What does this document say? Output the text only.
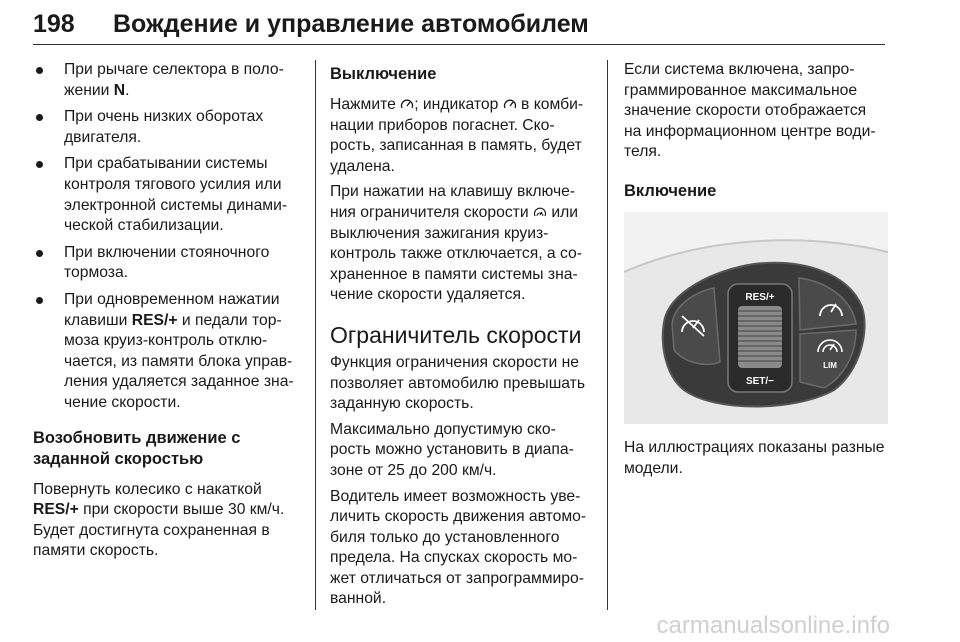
198 Вождение и управление автомобилем
При рычаге селектора в поло-
жении N.
При очень низких оборотах
двигателя.
При срабатывании системы
контроля тягового усилия или
электронной системы динами-
ческой стабилизации.
При включении стояночного
тормоза.
При одновременном нажатии
клавиши RES/+ и педали тор-
моза круиз-контроль отклю-
чается, из памяти блока управ-
ления удаляется заданное зна-
чение скорости.
Возобновить движение с
заданной скоростью

Повернуть колесико с накаткой
RES/+ при скорости выше 30 км/ч.
Будет достигнута сохраненная в
памяти скорость.

Выключение

Нажмите ; индикатор  в комби-
нации приборов погаснет. Ско-
рость, записанная в память, будет
удалена.

При нажатии на клавишу включе-
ния ограничителя скорости  или
выключения зажигания круиз-
контроль также отключается, а со-
храненное в памяти системы зна-
чение скорости удаляется.

Ограничитель скорости

Функция ограничения скорости не
позволяет автомобилю превышать
заданную скорость.

Максимально допустимую ско-
рость можно установить в диапа-
зоне от 25 до 200 км/ч.

Водитель имеет возможность уве-
личить скорость движения автомо-
биля только до установленного
предела. На спусках скорость мо-
жет отличаться от запрограммиро-
ванной.

Если система включена, запро-
граммированное максимальное
значение скорости отображается
на информационном центре води-
теля.

Включение
RES/+
SET/−
LIM

На иллюстрациях показаны разные
модели.

carmanualsonline.info
